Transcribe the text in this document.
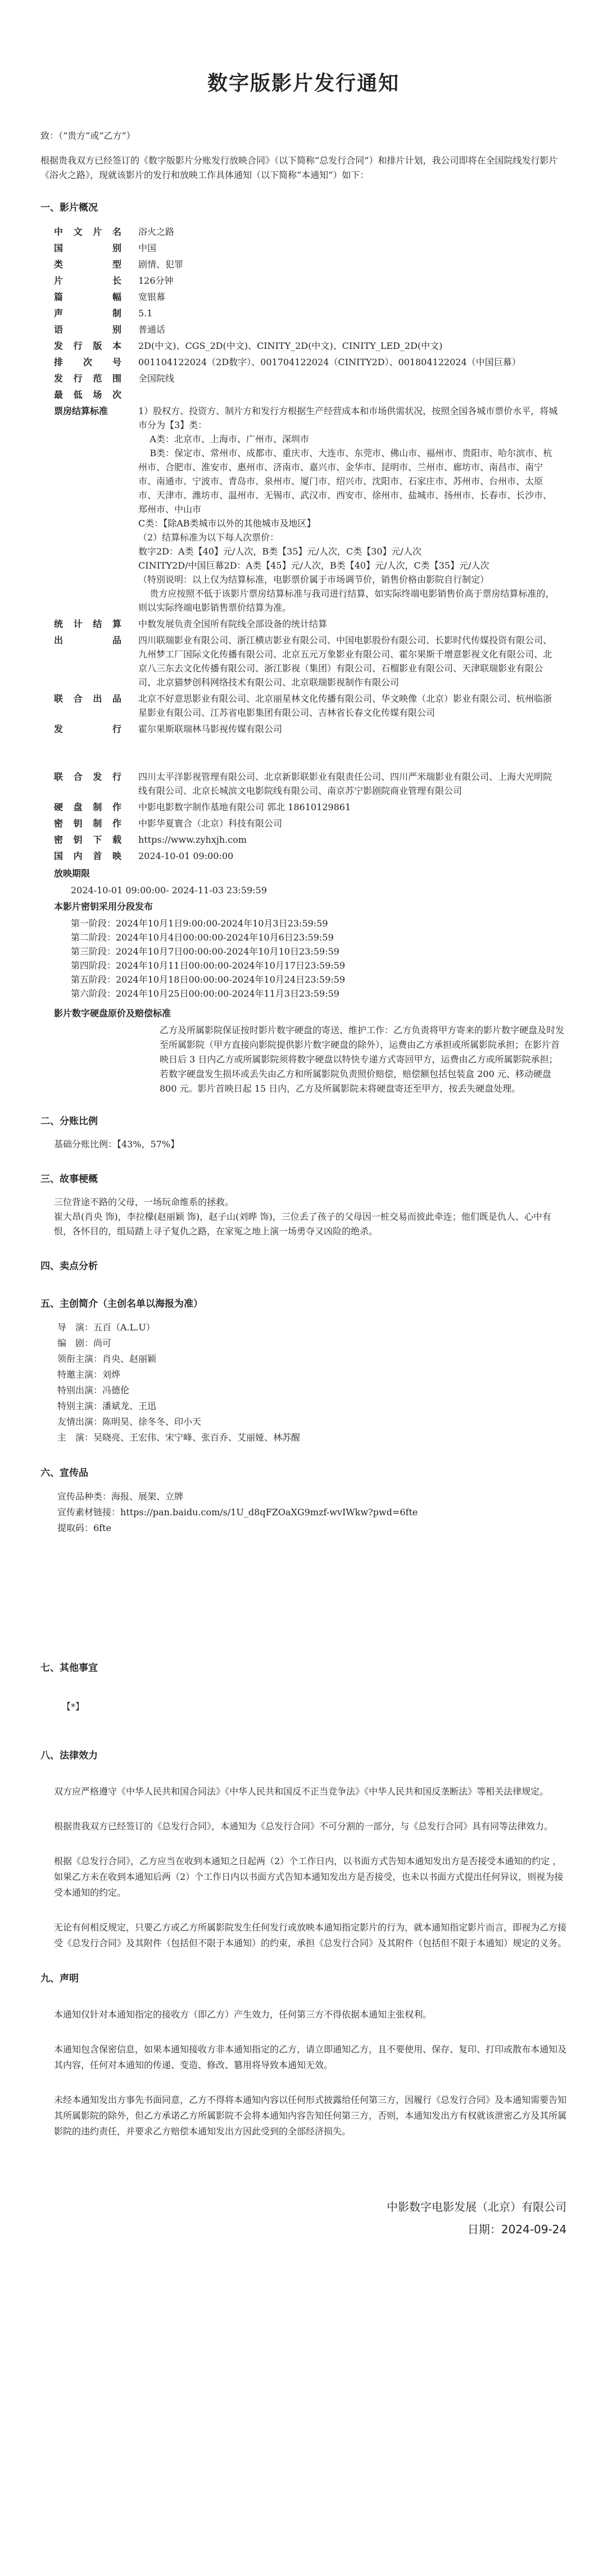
数字版影片发行通知

致：（“贵方”或“乙方”）

根据贵我双方已经签订的《数字版影片分账发行放映合同》（以下简称“总发行合同”）和排片计划，我公司即将在全国院线发行影片《浴火之路》，现就该影片的发行和放映工作具体通知（以下简称“本通知”）如下：

一、影片概况
中文片名	浴火之路
国别	中国
类型	剧情、犯罪
片长	126分钟
篇幅	宽银幕
声制	5.1
语别	普通话
发行版本	2D(中文)、CGS_2D(中文)、CINITY_2D(中文)、CINITY_LED_2D(中文)
排次号	001104122024（2D数字）、001704122024（CINITY2D）、001804122024（中国巨幕）
发行范围	全国院线
最低场次	
票房结算标准	1）股权方、投资方、制片方和发行方根据生产经营成本和市场供需状况，按照全国各城市票价水平，将城市分为【3】类：
A类：北京市、上海市、广州市、深圳市
B类：保定市、常州市、成都市、重庆市、大连市、东莞市、佛山市、福州市、贵阳市、哈尔滨市、杭州市、合肥市、淮安市、惠州市、济南市、嘉兴市、金华市、昆明市、兰州市、廊坊市、南昌市、南宁市、南通市、宁波市、青岛市、泉州市、厦门市、绍兴市、沈阳市、石家庄市、苏州市、台州市、太原市、天津市、潍坊市、温州市、无锡市、武汉市、西安市、徐州市、盐城市、扬州市、长春市、长沙市、郑州市、中山市
C类：【除AB类城市以外的其他城市及地区】
（2）结算标准为以下每人次票价：
数字2D：A类【40】元/人次，B类【35】元/人次，C类【30】元/人次
CINITY2D/中国巨幕2D：A类【45】元/人次，B类【40】元/人次，C类【35】元/人次
（特别说明：以上仅为结算标准，电影票价属于市场调节价，销售价格由影院自行制定）
贵方应按照不低于该影片票房结算标准与我司进行结算，如实际终端电影销售价高于票房结算标准的，则以实际终端电影销售票价结算为准。
统计结算	中数发展负责全国所有院线全部设备的统计结算
出品	四川联瑞影业有限公司、浙江横店影业有限公司、中国电影股份有限公司、长影时代传媒投资有限公司、九州梦工厂国际文化传播有限公司、北京五元万象影业有限公司、霍尔果斯千增意影视文化有限公司、北京八三东去文化传播有限公司、浙江影视（集团）有限公司、石榴影业有限公司、天津联瑞影业有限公司、北京猫梦创科网络技术有限公司、北京联瑞影视制作有限公司
联合出品	北京不好意思影业有限公司、北京丽星林文化传播有限公司、华文映像（北京）影业有限公司、杭州临浙星影业有限公司、江苏省电影集团有限公司、吉林省长春文化传媒有限公司
发行	霍尔果斯联瑞林马影视传媒有限公司
联合发行	四川太平洋影视管理有限公司、北京新影联影业有限责任公司、四川严米瑞影业有限公司、上海大光明院线有限公司、北京长城滨文电影院线有限公司、南京苏宁影剧院商业管理有限公司
硬盘制作	中影电影数字制作基地有限公司 郭北 18610129861
密钥制作	中影华夏寰合（北京）科技有限公司
密钥下载	https://www.zyhxjh.com
国内首映	2024-10-01 09:00:00
放映期限
2024-10-01 09:00:00- 2024-11-03 23:59:59
本影片密钥采用分段发布
第一阶段：2024年10月1日9:00:00-2024年10月3日23:59:59
第二阶段：2024年10月4日00:00:00-2024年10月6日23:59:59
第三阶段：2024年10月7日00:00:00-2024年10月10日23:59:59
第四阶段：2024年10月11日00:00:00-2024年10月17日23:59:59
第五阶段：2024年10月18日00:00:00-2024年10月24日23:59:59
第六阶段：2024年10月25日00:00:00-2024年11月3日23:59:59
影片数字硬盘原价及赔偿标准

乙方及所属影院保证按时影片数字硬盘的寄送、维护工作：乙方负责将甲方寄来的影片数字硬盘及时发至所属影院（甲方直接向影院提供影片数字硬盘的除外），运费由乙方承担或所属影院承担；在影片首映日后 3 日内乙方或所属影院须将数字硬盘以特快专递方式寄回甲方，运费由乙方或所属影院承担；若数字硬盘发生损坏或丢失由乙方和所属影院负责照价赔偿，赔偿额包括包装盒 200 元、移动硬盘 800 元。影片首映日起 15 日内，乙方及所属影院未将硬盘寄还至甲方，按丢失硬盘处理。

二、分账比例

基础分账比例：【43%，57%】

三、故事梗概

三位背途不路的父母，一场玩命维系的拯救。
崔大昂(肖央 饰)，李拉檬(赵丽颖 饰)，赵子山(刘晔 饰)，三位丢了孩子的父母因一桩交易而彼此牵连；他们既是仇人、心中有恨，各怀目的，组局踏上寻子复仇之路，在家冤之地上演一场勇夺又凶险的绝杀。

四、卖点分析
五、主创简介（主创名单以海报为准）
导　演：五百（A.L.U）
编　剧：尚可
领衔主演：肖央、赵丽颖
特邀主演：刘烨
特别出演：冯德伦
特别主演：潘斌龙、王迅
友情出演：陈明昊、徐冬冬、印小天
主　演：吴晓亮、王宏伟、宋宁峰、张百乔、艾丽娅、林苏醒
六、宣传品
宣传品种类：海报、展架、立牌
宣传素材链接：https://pan.baidu.com/s/1U_d8qFZOaXG9mzf-wvIWkw?pwd=6fte
提取码：6fte
七、其他事宜
【*】
八、法律效力

双方应严格遵守《中华人民共和国合同法》《中华人民共和国反不正当竞争法》《中华人民共和国反垄断法》等相关法律规定。

根据贵我双方已经签订的《总发行合同》，本通知为《总发行合同》不可分割的一部分，与《总发行合同》具有同等法律效力。

根据《总发行合同》，乙方应当在收到本通知之日起两（2）个工作日内，以书面方式告知本通知发出方是否接受本通知的约定 ，如果乙方未在收到本通知后两（2）个工作日内以书面方式告知本通知发出方是否接受，也未以书面方式提出任何异议，则视为接受本通知的约定。

无论有何相反规定，只要乙方或乙方所属影院发生任何发行或放映本通知指定影片的行为，就本通知指定影片而言，即视为乙方接受《总发行合同》及其附件（包括但不限于本通知）的约束，承担《总发行合同》及其附件（包括但不限于本通知）规定的义务。

九、声明

本通知仅针对本通知指定的接收方（即乙方）产生效力，任何第三方不得依据本通知主张权利。

本通知包含保密信息，如果本通知接收方非本通知指定的乙方，请立即通知乙方，且不要使用、保存、复印、打印或散布本通知及其内容，任何对本通知的传递、变造、修改、篡用将导致本通知无效。

未经本通知发出方事先书面同意，乙方不得将本通知内容以任何形式披露给任何第三方，因履行《总发行合同》及本通知需要告知其所属影院的除外，但乙方承诺乙方所属影院不会将本通知内容告知任何第三方，否则，本通知发出方有权就该泄密乙方及其所属影院的违约责任，并要求乙方赔偿本通知发出方因此受到的全部经济损失。

中影数字电影发展（北京）有限公司
日期：2024-09-24
